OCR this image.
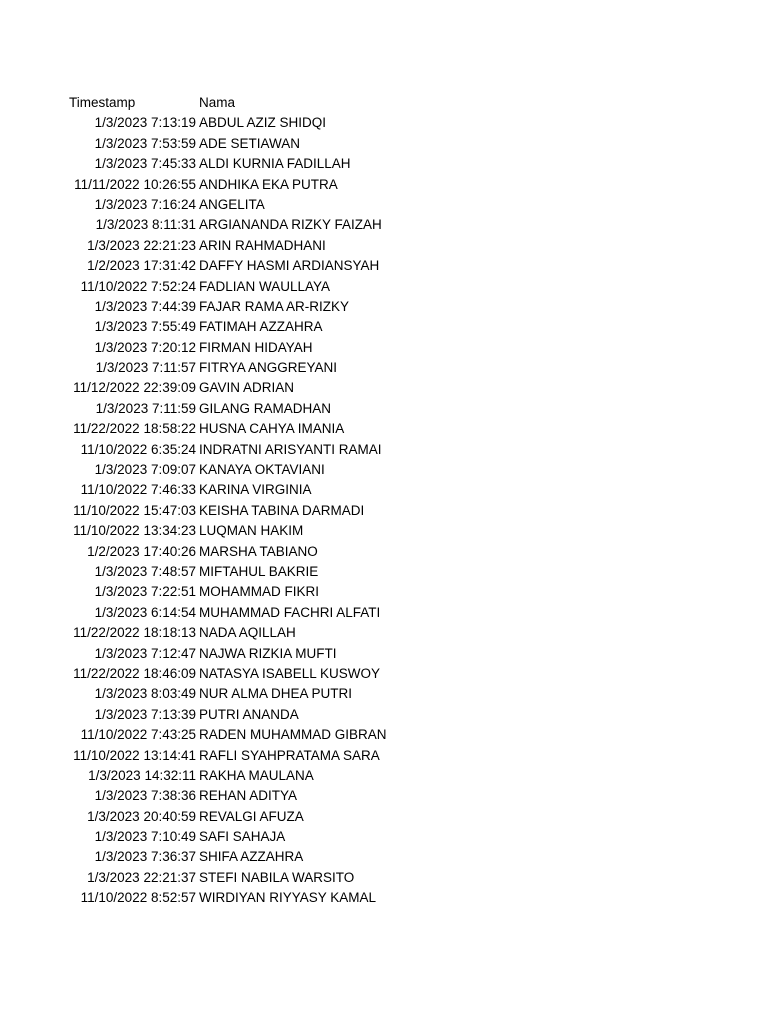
Timestamp	Nama
1/3/2023 7:13:19 ABDUL AZIZ SHIDQI
1/3/2023 7:53:59 ADE SETIAWAN
1/3/2023 7:45:33 ALDI KURNIA FADILLAH
11/11/2022 10:26:55 ANDHIKA EKA PUTRA
1/3/2023 7:16:24 ANGELITA
1/3/2023 8:11:31 ARGIANANDA RIZKY FAIZAH
1/3/2023 22:21:23 ARIN RAHMADHANI
1/2/2023 17:31:42 DAFFY HASMI ARDIANSYAH
11/10/2022 7:52:24 FADLIAN WAULLAYA
1/3/2023 7:44:39 FAJAR RAMA AR-RIZKY
1/3/2023 7:55:49 FATIMAH AZZAHRA
1/3/2023 7:20:12 FIRMAN HIDAYAH
1/3/2023 7:11:57 FITRYA ANGGREYANI
11/12/2022 22:39:09 GAVIN ADRIAN
1/3/2023 7:11:59 GILANG RAMADHAN
11/22/2022 18:58:22 HUSNA CAHYA IMANIA
11/10/2022 6:35:24 INDRATNI ARISYANTI RAMAI
1/3/2023 7:09:07 KANAYA OKTAVIANI
11/10/2022 7:46:33 KARINA VIRGINIA
11/10/2022 15:47:03 KEISHA TABINA DARMADI
11/10/2022 13:34:23 LUQMAN HAKIM
1/2/2023 17:40:26 MARSHA TABIANO
1/3/2023 7:48:57 MIFTAHUL BAKRIE
1/3/2023 7:22:51 MOHAMMAD FIKRI
1/3/2023 6:14:54 MUHAMMAD FACHRI ALFATI
11/22/2022 18:18:13 NADA AQILLAH
1/3/2023 7:12:47 NAJWA RIZKIA MUFTI
11/22/2022 18:46:09 NATASYA ISABELL KUSWOY
1/3/2023 8:03:49 NUR ALMA DHEA PUTRI
1/3/2023 7:13:39 PUTRI ANANDA
11/10/2022 7:43:25 RADEN MUHAMMAD GIBRAN
11/10/2022 13:14:41 RAFLI SYAHPRATAMA SARA
1/3/2023 14:32:11 RAKHA MAULANA
1/3/2023 7:38:36 REHAN ADITYA
1/3/2023 20:40:59 REVALGI AFUZA
1/3/2023 7:10:49 SAFI SAHAJA
1/3/2023 7:36:37 SHIFA AZZAHRA
1/3/2023 22:21:37 STEFI NABILA WARSITO
11/10/2022 8:52:57 WIRDIYAN RIYYASY KAMAL
